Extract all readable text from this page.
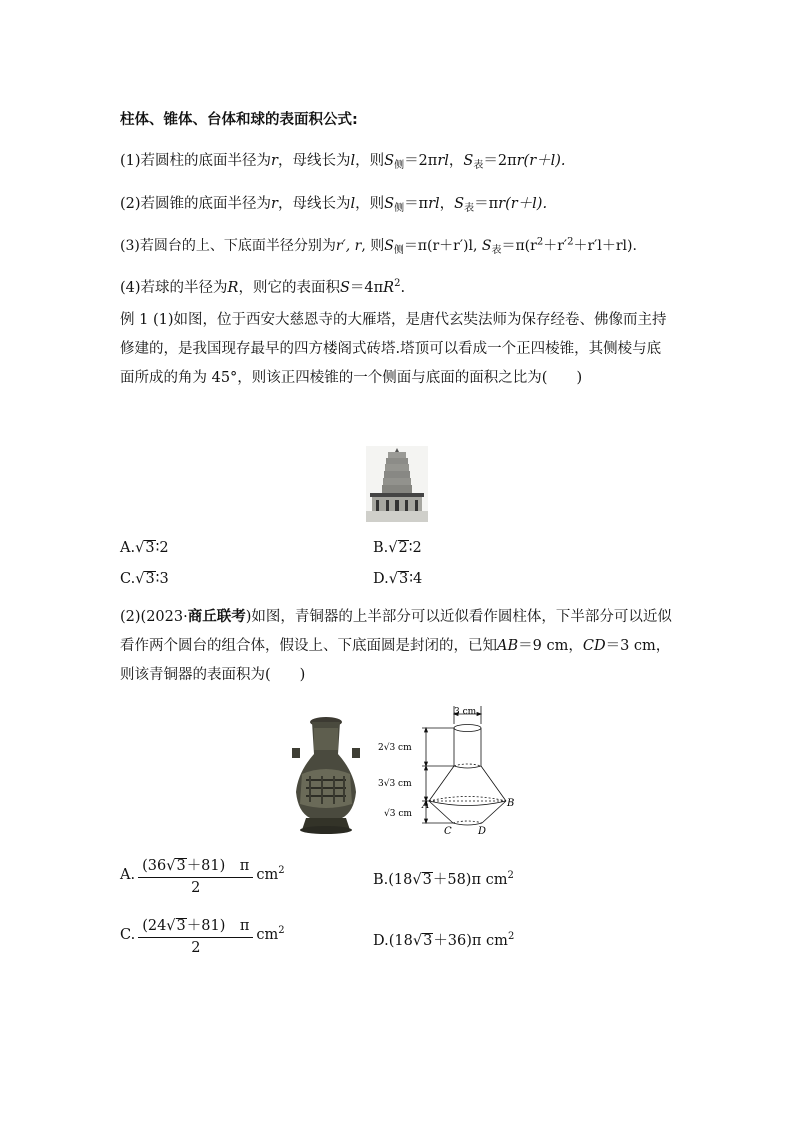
柱体、锥体、台体和球的表面积公式:
(1)若圆柱的底面半径为r，母线长为l，则$S_侧=2\pi rl$，$S_表=2\pi r(r+l)$.
(2)若圆锥的底面半径为r，母线长为l，则$S_侧=\pi rl$，$S_表=\pi r(r+l)$.
(3)若圆台的上、下底面半径分别为r′, r, 则$S_侧=\pi(r+r')l$, $S_表=\pi(r^2+r'^2+r'l+rl)$.
(4)若球的半径为R，则它的表面积$S=4\pi R^2$.
例 1 (1)如图，位于西安大慈恩寺的大雁塔，是唐代玄奘法师为保存经卷、佛像而主持修建的，是我国现存最早的四方楼阁式砖塔.塔顶可以看成一个正四棱锥，其侧棱与底面所成的角为 45°，则该正四棱锥的一个侧面与底面的面积之比为(　　)
A.√3∶2	B.√2∶2
C.√3∶3	D.√3∶4
(2)(2023·商丘联考)如图，青铜器的上半部分可以近似看作圆柱体，下半部分可以近似看作两个圆台的组合体，假设上、下底面圆是封闭的，已知AB＝9 cm，CD＝3 cm，则该青铜器的表面积为(　　)
3 cm
2√3 cm
3√3 cm
√3 cm
A	B
C	D
A. $\frac{(36√3+81) \pi}{2} cm^2$
B.(18√3＋58)π $cm^2$
C. $\frac{(24√3+81) \pi}{2} cm^2$
D.(18√3＋36)π $cm^2$
